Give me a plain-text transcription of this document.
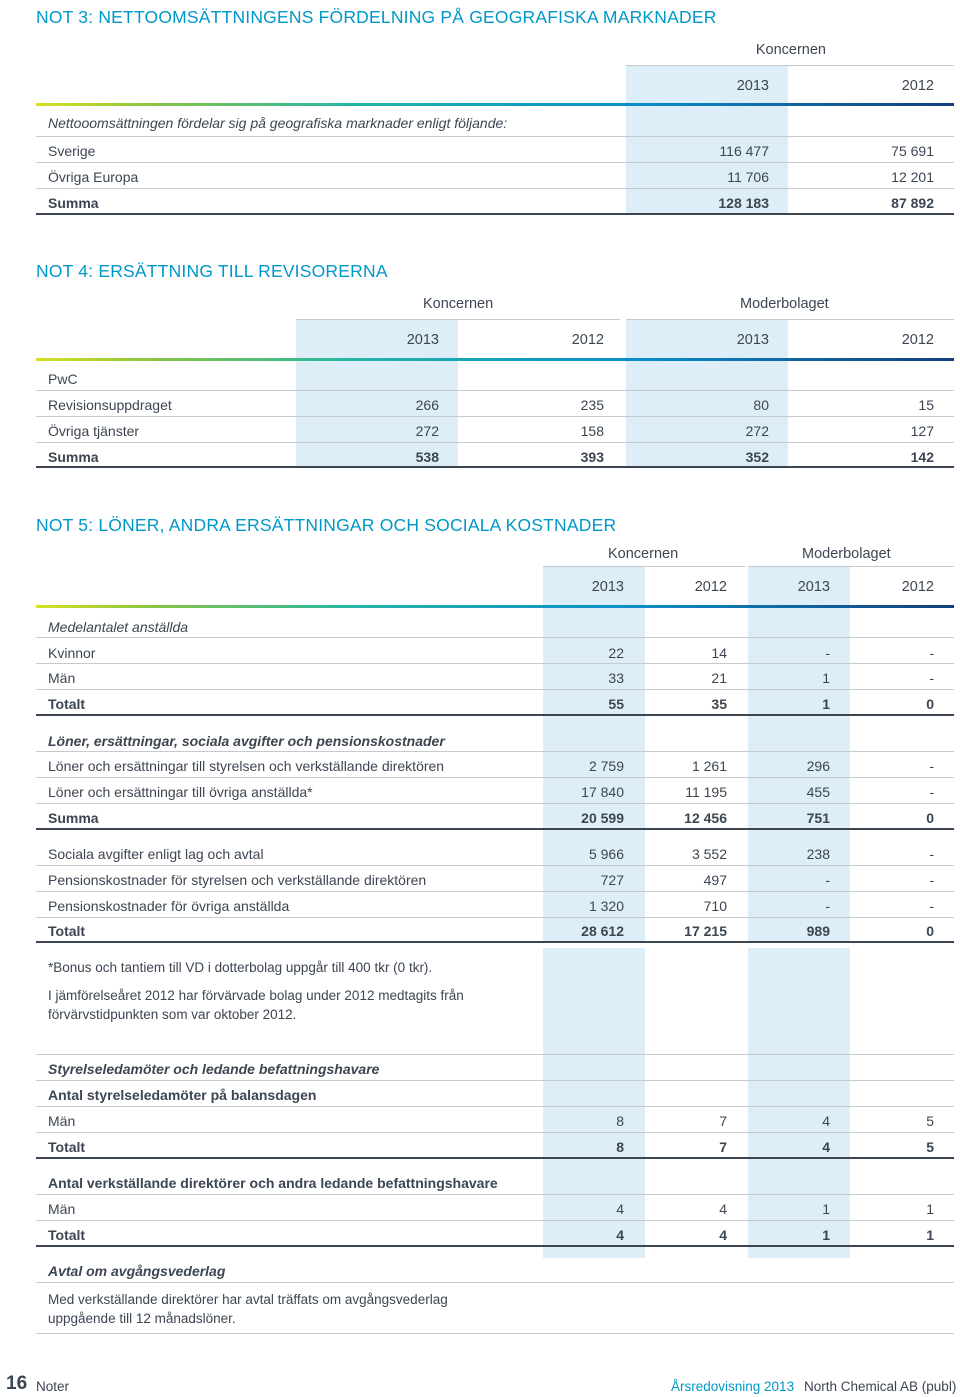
NOT 3: NETTOOMSÄTTNINGENS FÖRDELNING PÅ GEOGRAFISKA MARKNADER
Koncernen
2013	2012
Nettooomsättningen fördelar sig på geografiska marknader enligt följande:
Sverige	116 477	75 691
Övriga Europa	11 706	12 201
Summa	128 183	87 892
NOT 4: ERSÄTTNING TILL REVISORERNA
Koncernen	Moderbolaget
2013	2012	2013	2012
PwC
Revisionsuppdraget	266	235	80	15
Övriga tjänster	272	158	272	127
Summa	538	393	352	142
NOT 5: LÖNER, ANDRA ERSÄTTNINGAR OCH SOCIALA KOSTNADER
Koncernen	Moderbolaget
2013	2012	2013	2012
Medelantalet anställda
Kvinnor	22	14	-	-
Män	33	21	1	-
Totalt	55	35	1	0
Löner, ersättningar, sociala avgifter och pensionskostnader
Löner och ersättningar till styrelsen och verkställande direktören	2 759	1 261	296	-
Löner och ersättningar till övriga anställda*	17 840	11 195	455	-
Summa	20 599	12 456	751	0
Sociala avgifter enligt lag och avtal	5 966	3 552	238	-
Pensionskostnader för styrelsen och verkställande direktören	727	497	-	-
Pensionskostnader för övriga anställda	1 320	710	-	-
Totalt	28 612	17 215	989	0
*Bonus och tantiem till VD i dotterbolag uppgår till 400 tkr (0 tkr).
I jämförelseåret 2012 har förvärvade bolag under 2012 medtagits från
förvärvstidpunkten som var oktober 2012.
Styrelseledamöter och ledande befattningshavare
Antal styrelseledamöter på balansdagen
Män	8	7	4	5
Totalt	8	7	4	5
Antal verkställande direktörer och andra ledande befattningshavare
Män	4	4	1	1
Totalt	4	4	1	1
Avtal om avgångsvederlag
Med verkställande direktörer har avtal träffats om avgångsvederlag
uppgående till 12 månadslöner.
16 Noter	Årsredovisning 2013 North Chemical AB (publ)
